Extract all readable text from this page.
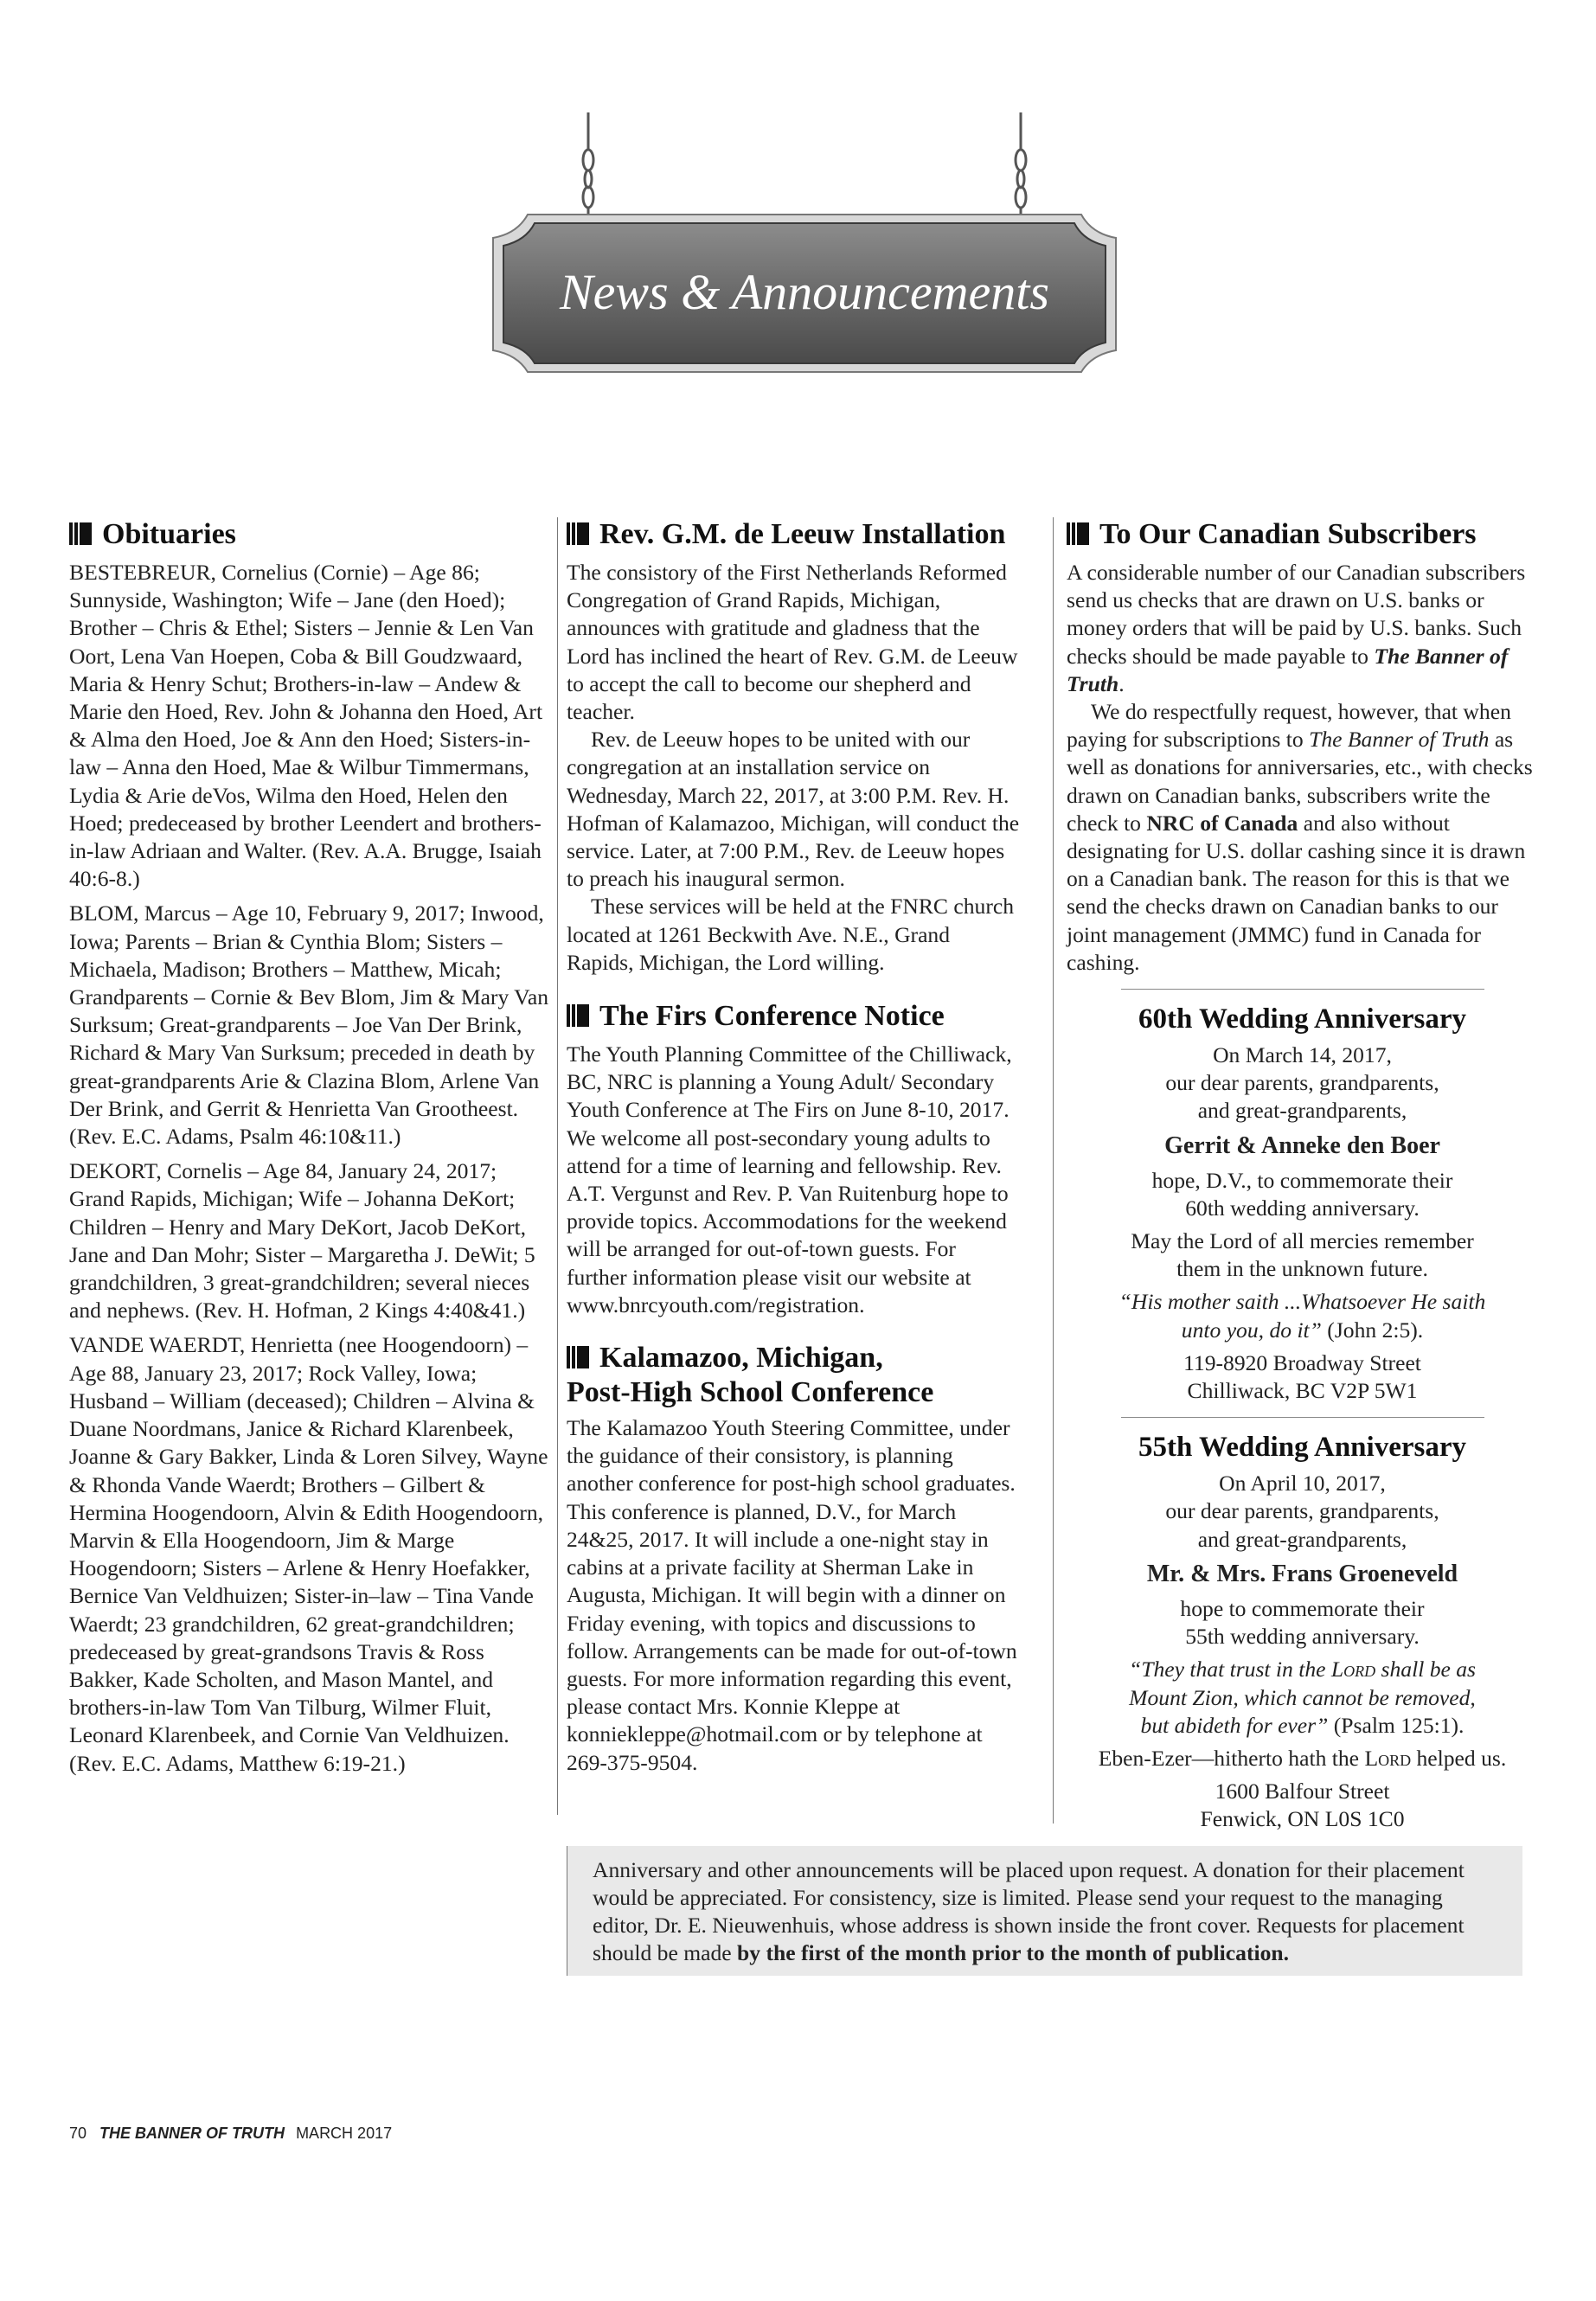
News & Announcements
Obituaries

BESTEBREUR, Cornelius (Cornie) – Age 86; Sunnyside, Washington; Wife – Jane (den Hoed); Brother – Chris & Ethel; Sisters – Jennie & Len Van Oort, Lena Van Hoepen, Coba & Bill Goudzwaard, Maria & Henry Schut; Brothers-in-law – Andew & Marie den Hoed, Rev. John & Johanna den Hoed, Art & Alma den Hoed, Joe & Ann den Hoed; Sisters-in-law – Anna den Hoed, Mae & Wilbur Timmermans, Lydia & Arie deVos, Wilma den Hoed, Helen den Hoed; predeceased by brother Leendert and brothers-in-law Adriaan and Walter. (Rev. A.A. Brugge, Isaiah 40:6-8.)

BLOM, Marcus – Age 10, February 9, 2017; Inwood, Iowa; Parents – Brian & Cynthia Blom; Sisters – Michaela, Madison; Brothers – Matthew, Micah; Grandparents – Cornie & Bev Blom, Jim & Mary Van Surksum; Great-grandparents – Joe Van Der Brink, Richard & Mary Van Surksum; preceded in death by great-grandparents Arie & Clazina Blom, Arlene Van Der Brink, and Gerrit & Henrietta Van Grootheest. (Rev. E.C. Adams, Psalm 46:10&11.)

DEKORT, Cornelis – Age 84, January 24, 2017; Grand Rapids, Michigan; Wife – Johanna DeKort; Children – Henry and Mary DeKort, Jacob DeKort, Jane and Dan Mohr; Sister – Margaretha J. DeWit; 5 grandchildren, 3 great-grandchildren; several nieces and nephews. (Rev. H. Hofman, 2 Kings 4:40&41.)

VANDE WAERDT, Henrietta (nee Hoogendoorn) – Age 88, January 23, 2017; Rock Valley, Iowa; Husband – William (deceased); Children – Alvina & Duane Noordmans, Janice & Richard Klarenbeek, Joanne & Gary Bakker, Linda & Loren Silvey, Wayne & Rhonda Vande Waerdt; Brothers – Gilbert & Hermina Hoogendoorn, Alvin & Edith Hoogendoorn, Marvin & Ella Hoogendoorn, Jim & Marge Hoogendoorn; Sisters – Arlene & Henry Hoefakker, Bernice Van Veldhuizen; Sister-in–law – Tina Vande Waerdt; 23 grandchildren, 62 great-grandchildren; predeceased by great-grandsons Travis & Ross Bakker, Kade Scholten, and Mason Mantel, and brothers-in-law Tom Van Tilburg, Wilmer Fluit, Leonard Klarenbeek, and Cornie Van Veldhuizen. (Rev. E.C. Adams, Matthew 6:19-21.)

Rev. G.M. de Leeuw Installation

The consistory of the First Netherlands Reformed Congregation of Grand Rapids, Michigan, announces with gratitude and gladness that the Lord has inclined the heart of Rev. G.M. de Leeuw to accept the call to become our shepherd and teacher.

Rev. de Leeuw hopes to be united with our congregation at an installation service on Wednesday, March 22, 2017, at 3:00 P.M. Rev. H. Hofman of Kalamazoo, Michigan, will conduct the service. Later, at 7:00 P.M., Rev. de Leeuw hopes to preach his inaugural sermon.

These services will be held at the FNRC church located at 1261 Beckwith Ave. N.E., Grand Rapids, Michigan, the Lord willing.

The Firs Conference Notice

The Youth Planning Committee of the Chilliwack, BC, NRC is planning a Young Adult/ Secondary Youth Conference at The Firs on June 8-10, 2017. We welcome all post-secondary young adults to attend for a time of learning and fellowship. Rev. A.T. Vergunst and Rev. P. Van Ruitenburg hope to provide topics. Accommodations for the weekend will be arranged for out-of-town guests. For further information please visit our website at www.bnrcyouth.com/registration.

Kalamazoo, Michigan,
Post-High School Conference

The Kalamazoo Youth Steering Committee, under the guidance of their consistory, is planning another conference for post-high school graduates. This conference is planned, D.V., for March 24&25, 2017. It will include a one-night stay in cabins at a private facility at Sherman Lake in Augusta, Michigan. It will begin with a dinner on Friday evening, with topics and discussions to follow. Arrangements can be made for out-of-town guests. For more information regarding this event, please contact Mrs. Konnie Kleppe at konniekleppe@hotmail.com or by telephone at 269-375-9504.

To Our Canadian Subscribers

A considerable number of our Canadian subscribers send us checks that are drawn on U.S. banks or money orders that will be paid by U.S. banks. Such checks should be made payable to The Banner of Truth.

We do respectfully request, however, that when paying for subscriptions to The Banner of Truth as well as donations for anniversaries, etc., with checks drawn on Canadian banks, subscribers write the check to NRC of Canada and also without designating for U.S. dollar cashing since it is drawn on a Canadian bank. The reason for this is that we send the checks drawn on Canadian banks to our joint management (JMMC) fund in Canada for cashing.

60th Wedding Anniversary
On March 14, 2017,
our dear parents, grandparents,
and great-grandparents,
Gerrit & Anneke den Boer
hope, D.V., to commemorate their
60th wedding anniversary.
May the Lord of all mercies remember
them in the unknown future.
“His mother saith ...Whatsoever He saith
unto you, do it” (John 2:5).
119-8920 Broadway Street
Chilliwack, BC V2P 5W1
55th Wedding Anniversary
On April 10, 2017,
our dear parents, grandparents,
and great-grandparents,
Mr. & Mrs. Frans Groeneveld
hope to commemorate their
55th wedding anniversary.
“They that trust in the Lord shall be as
Mount Zion, which cannot be removed,
but abideth for ever” (Psalm 125:1).
Eben-Ezer—hitherto hath the Lord helped us.
1600 Balfour Street
Fenwick, ON L0S 1C0

Anniversary and other announcements will be placed upon request. A donation for their placement would be appreciated. For consistency, size is limited. Please send your request to the managing editor, Dr. E. Nieuwenhuis, whose address is shown inside the front cover. Requests for placement should be made by the first of the month prior to the month of publication.

70 THE BANNER OF TRUTH MARCH 2017
